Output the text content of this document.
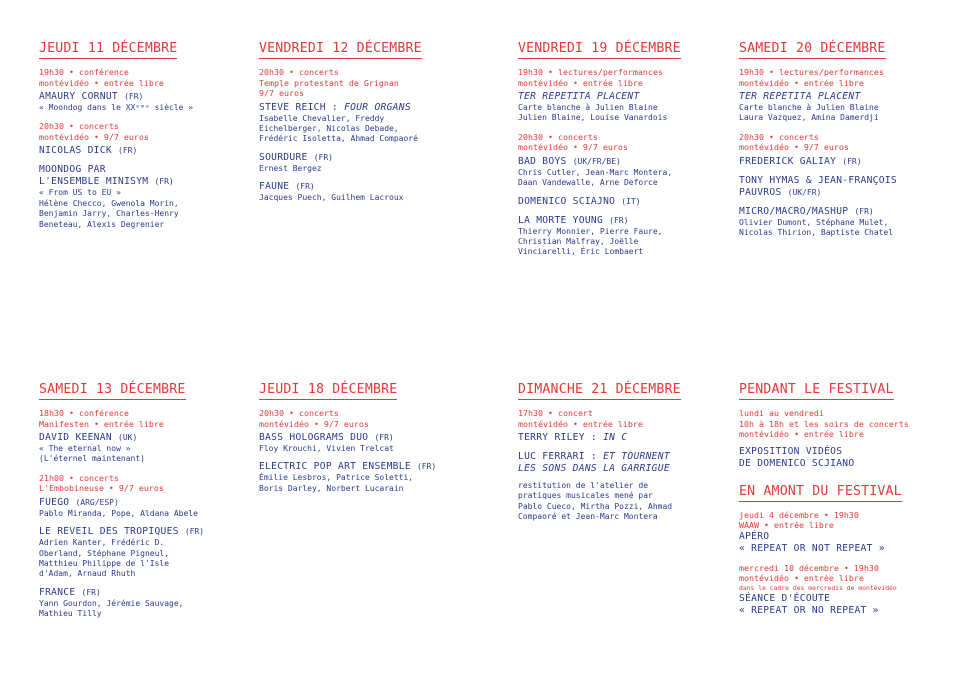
JEUDI 11 DÉCEMBRE
19h30 • conférence
montévidéo • entrée libre
AMAURY CORNUT (FR)
« Moondog dans le XXᵉᵐᵉ siècle »
20h30 • concerts
montévidéo • 9/7 euros
NICOLAS DICK (FR)
MOONDOG PAR
L'ENSEMBLE MINISYM (FR)
« From US to EU »
Hélène Checco, Gwenola Morin,
Benjamin Jarry, Charles-Henry
Beneteau, Alexis Degrenier
VENDREDI 12 DÉCEMBRE
20h30 • concerts
Temple protestant de Grignan
9/7 euros
STEVE REICH : FOUR ORGANS
Isabelle Chevalier, Freddy
Eichelberger, Nicolas Debade,
Frédéric Isoletta, Ahmad Compaoré
SOURDURE (FR)
Ernest Bergez
FAUNE (FR)
Jacques Puech, Guilhem Lacroux
VENDREDI 19 DÉCEMBRE
19h30 • lectures/performances
montévidéo • entrée libre
TER REPETITA PLACENT
Carte blanche à Julien Blaine
Julien Blaine, Louise Vanardois
20h30 • concerts
montévidéo • 9/7 euros
BAD BOYS (UK/FR/BE)
Chris Cutler, Jean-Marc Montera,
Daan Vandewalle, Arne Deforce
DOMENICO SCIAJNO (IT)
LA MORTE YOUNG (FR)
Thierry Monnier, Pierre Faure,
Christian Malfray, Joëlle
Vinciarelli, Éric Lombaert
SAMEDI 20 DÉCEMBRE
19h30 • lectures/performances
montévidéo • entrée libre
TER REPETITA PLACENT
Carte blanche à Julien Blaine
Laura Vazquez, Amina Damerdji
20h30 • concerts
montévidéo • 9/7 euros
FREDERICK GALIAY (FR)
TONY HYMAS & JEAN-FRANÇOIS
PAUVROS (UK/FR)
MICRO/MACRO/MASHUP (FR)
Olivier Dumont, Stéphane Mulet,
Nicolas Thirion, Baptiste Chatel
SAMEDI 13 DÉCEMBRE
18h30 • conférence
Manifesten • entrée libre
DAVID KEENAN (UK)
« The eternal now »
(L'éternel maintenant)
21h00 • concerts
L'Embobineuse • 9/7 euros
FUEGO (ARG/ESP)
Pablo Miranda, Pope, Aldana Abele
LE REVEIL DES TROPIQUES (FR)
Adrien Kanter, Frédéric D.
Oberland, Stéphane Pigneul,
Matthieu Philippe de l'Isle
d'Adam, Arnaud Rhuth
FRANCE (FR)
Yann Gourdon, Jérémie Sauvage,
Mathieu Tilly
JEUDI 18 DÉCEMBRE
20h30 • concerts
montévidéo • 9/7 euros
BASS HOLOGRAMS DUO (FR)
Floy Krouchi, Vivien Trelcat
ELECTRIC POP ART ENSEMBLE (FR)
Émilie Lesbros, Patrice Soletti,
Boris Darley, Norbert Lucarain
DIMANCHE 21 DÉCEMBRE
17h30 • concert
montévidéo • entrée libre
TERRY RILEY : IN C
LUC FERRARI : ET TOURNENT
LES SONS DANS LA GARRIGUE
restitution de l'atelier de
pratiques musicales mené par
Pablo Cueco, Mirtha Pozzi, Ahmad
Compaoré et Jean-Marc Montera
PENDANT LE FESTIVAL
lundi au vendredi
10h à 18h et les soirs de concerts
montévidéo • entrée libre
EXPOSITION VIDÉOS
DE DOMENICO SCJIANO
EN AMONT DU FESTIVAL
jeudi 4 décembre • 19h30
WAAW • entrée libre
APÉRO
« REPEAT OR NOT REPEAT »
mercredi 10 décembre • 19h30
montévidéo • entrée libre
dans le cadre des mercredis de montévidéo
SÉANCE D'ÉCOUTE
« REPEAT OR NO REPEAT »
